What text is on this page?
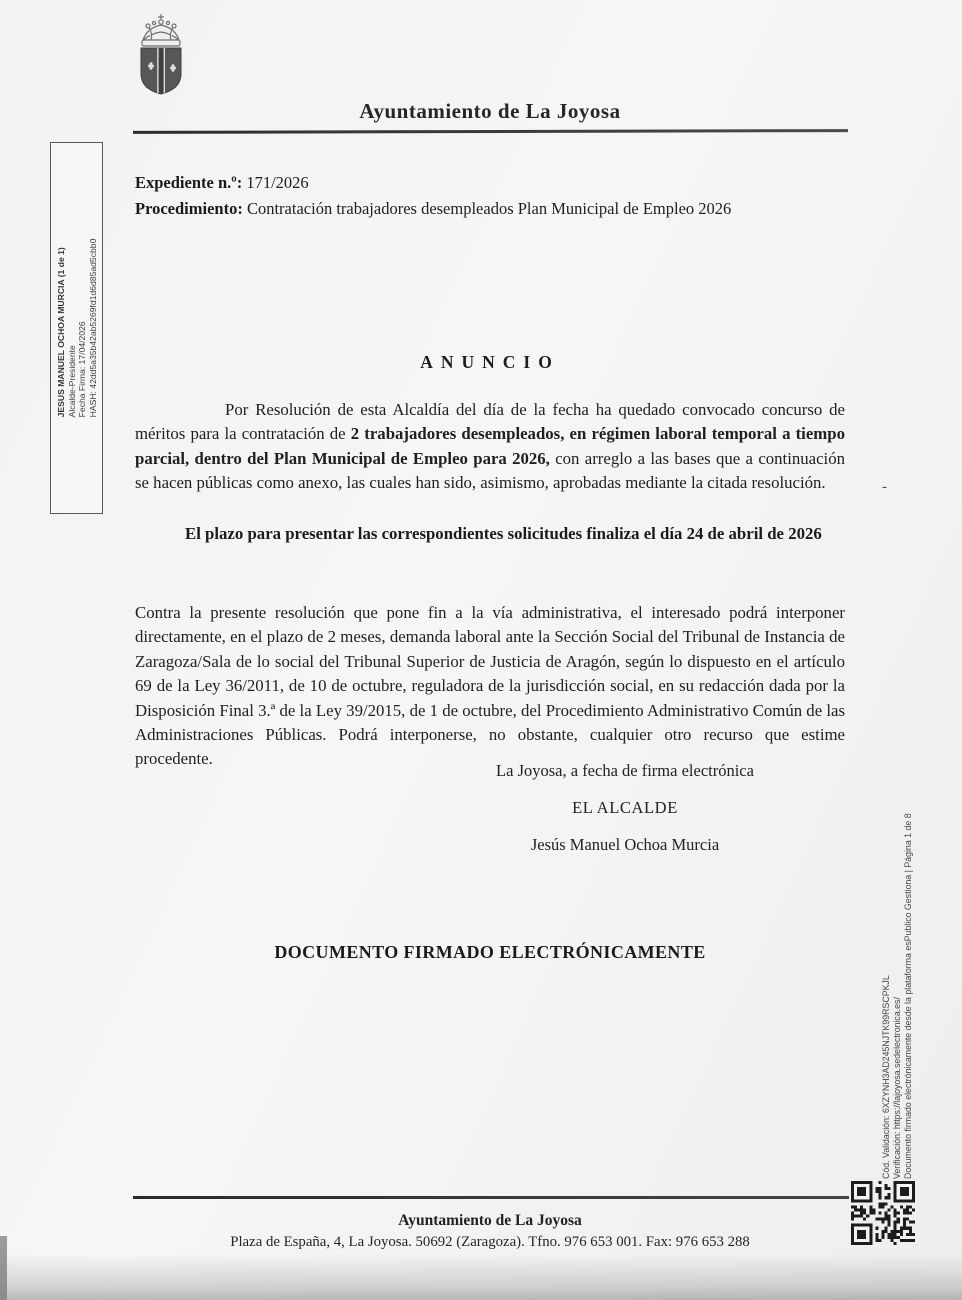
Ayuntamiento de La Joyosa
Expediente n.º: 171/2026
Procedimiento: Contratación trabajadores desempleados Plan Municipal de Empleo 2026
JESUS MANUEL OCHOA MURCIA (1 de 1) Alcalde-Presidente Fecha Firma: 17/04/2026 HASH: 42dd5a35b42ab5269fd1d6d85ad5cbb0	ANUNCIO
Por Resolución de esta Alcaldía del día de la fecha ha quedado convocado concurso de méritos para la contratación de 2 trabajadores desempleados, en régimen laboral temporal a tiempo parcial, dentro del Plan Municipal de Empleo para 2026, con arreglo a las bases que a continuación se hacen públicas como anexo, las cuales han sido, asimismo, aprobadas mediante la citada resolución.
El plazo para presentar las correspondientes solicitudes finaliza el día 24 de abril de 2026
Contra la presente resolución que pone fin a la vía administrativa, el interesado podrá interponer directamente, en el plazo de 2 meses, demanda laboral ante la Sección Social del Tribunal de Instancia de Zaragoza/Sala de lo social del Tribunal Superior de Justicia de Aragón, según lo dispuesto en el artículo 69 de la Ley 36/2011, de 10 de octubre, reguladora de la jurisdicción social, en su redacción dada por la Disposición Final 3.ª de la Ley 39/2015, de 1 de octubre, del Procedimiento Administrativo Común de las Administraciones Públicas. Podrá interponerse, no obstante, cualquier otro recurso que estime procedente.
La Joyosa, a fecha de firma electrónica
EL ALCALDE
Jesús Manuel Ochoa Murcia
DOCUMENTO FIRMADO ELECTRÓNICAMENTE
Cód. Validación: 6XZYNH3AD245NJTK99RSCPKJL Verificación: https://lajoyosa.sedelectronica.es/ Documento firmado electrónicamente desde la plataforma esPublico Gestiona | Página 1 de 8
Ayuntamiento de La Joyosa
Plaza de España, 4, La Joyosa. 50692 (Zaragoza). Tfno. 976 653 001. Fax: 976 653 288
-
